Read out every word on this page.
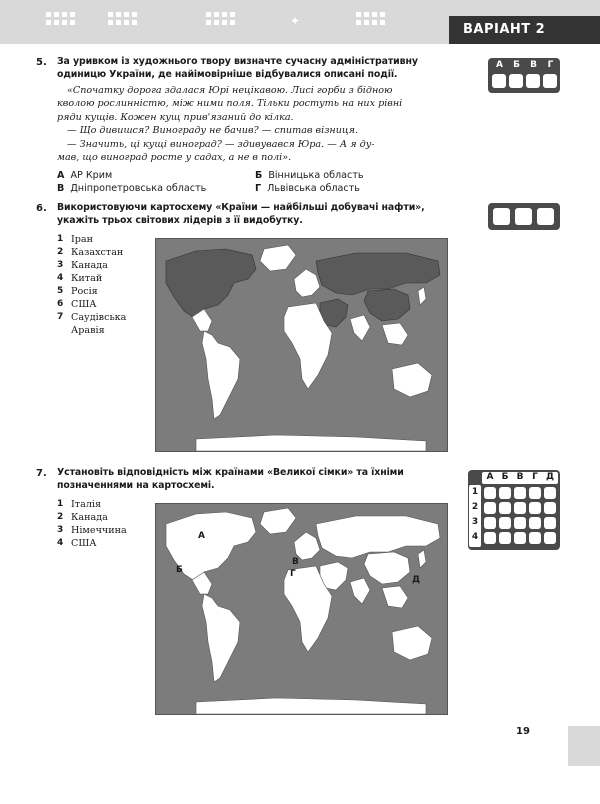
✦
ВАРІАНТ 2
5. За уривком із художнього твору визначте сучасну адміністративну
одиницю України, де найімовірніше відбувалися описані події.
«Спочатку дорога здалася Юрі нецікавою. Лисі горби з бідною
кволою рослинністю, між ними поля. Тільки ростуть на них рівні
ряди кущів. Кожен кущ прив'язаний до кілка.
— Що дивишся? Винограду не бачив? — спитав візниця.
— Значить, ці кущі виноград? — здивувався Юра. — А я ду-
мав, що виноград росте у садах, а не в полі».
А АР Крим	Б Вінницька область
В Дніпропетровська область	Г Львівська область
А	Б	В	Г
6. Використовуючи картосхему «Країни — найбільші добувачі нафти»,
укажіть трьох світових лідерів з її видобутку.
1 Іран
2 Казахстан
3 Канада
4 Китай
5 Росія
6 США
7 Саудівська
Аравія
7. Установіть відповідність між країнами «Великої сімки» та їхніми
позначеннями на картосхемі.
1 Італія
2 Канада
3 Німеччина
4 США
А Б В Г Д
1
2
3
4
А
Б
В
Г
Д
19
